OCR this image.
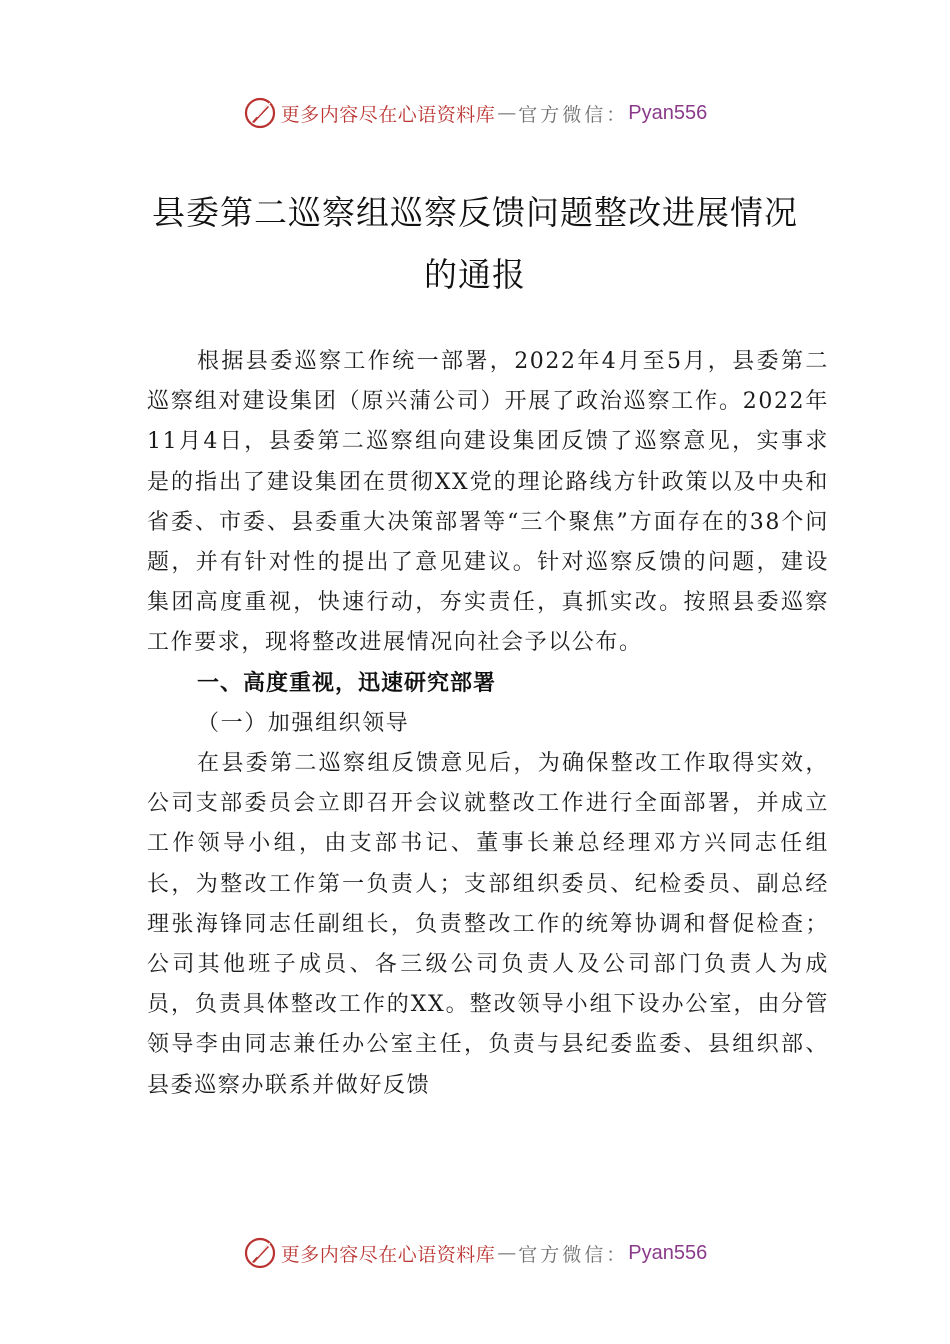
更多内容尽在心语资料库 — 官方微信： Pyan556
县委第二巡察组巡察反馈问题整改进展情况的通报

根据县委巡察工作统一部署，2022年4月至5月，县委第二巡察组对建设集团（原兴蒲公司）开展了政治巡察工作。2022年11月4日，县委第二巡察组向建设集团反馈了巡察意见，实事求是的指出了建设集团在贯彻XX党的理论路线方针政策以及中央和省委、市委、县委重大决策部署等“三个聚焦”方面存在的38个问题，并有针对性的提出了意见建议。针对巡察反馈的问题，建设集团高度重视，快速行动，夯实责任，真抓实改。按照县委巡察工作要求，现将整改进展情况向社会予以公布。

一、高度重视，迅速研究部署
（一）加强组织领导

在县委第二巡察组反馈意见后，为确保整改工作取得实效，公司支部委员会立即召开会议就整改工作进行全面部署，并成立工作领导小组，由支部书记、董事长兼总经理邓方兴同志任组长，为整改工作第一负责人；支部组织委员、纪检委员、副总经理张海锋同志任副组长，负责整改工作的统筹协调和督促检查；公司其他班子成员、各三级公司负责人及公司部门负责人为成员，负责具体整改工作的XX。整改领导小组下设办公室，由分管领导李由同志兼任办公室主任，负责与县纪委监委、县组织部、县委巡察办联系并做好反馈

更多内容尽在心语资料库 — 官方微信： Pyan556
